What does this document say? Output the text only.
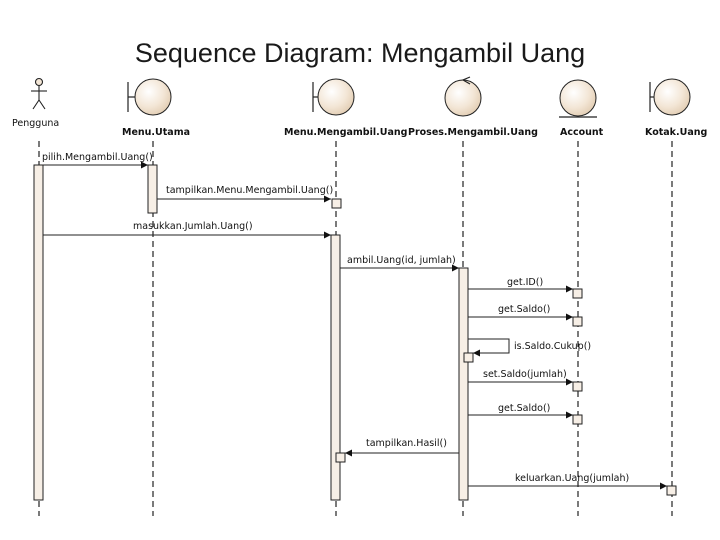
Sequence Diagram: Mengambil Uang
Pengguna
Menu.Utama	Menu.Mengambil.Uang Proses.Mengambil.Uang Account	Kotak.Uang
pilih.Mengambil.Uang()
tampilkan.Menu.Mengambil.Uang()
masukkan.Jumlah.Uang()
ambil.Uang(id, jumlah)
get.ID()
get.Saldo()
is.Saldo.Cukup()
set.Saldo(jumlah)
get.Saldo()
tampilkan.Hasil()
keluarkan.Uang(jumlah)
